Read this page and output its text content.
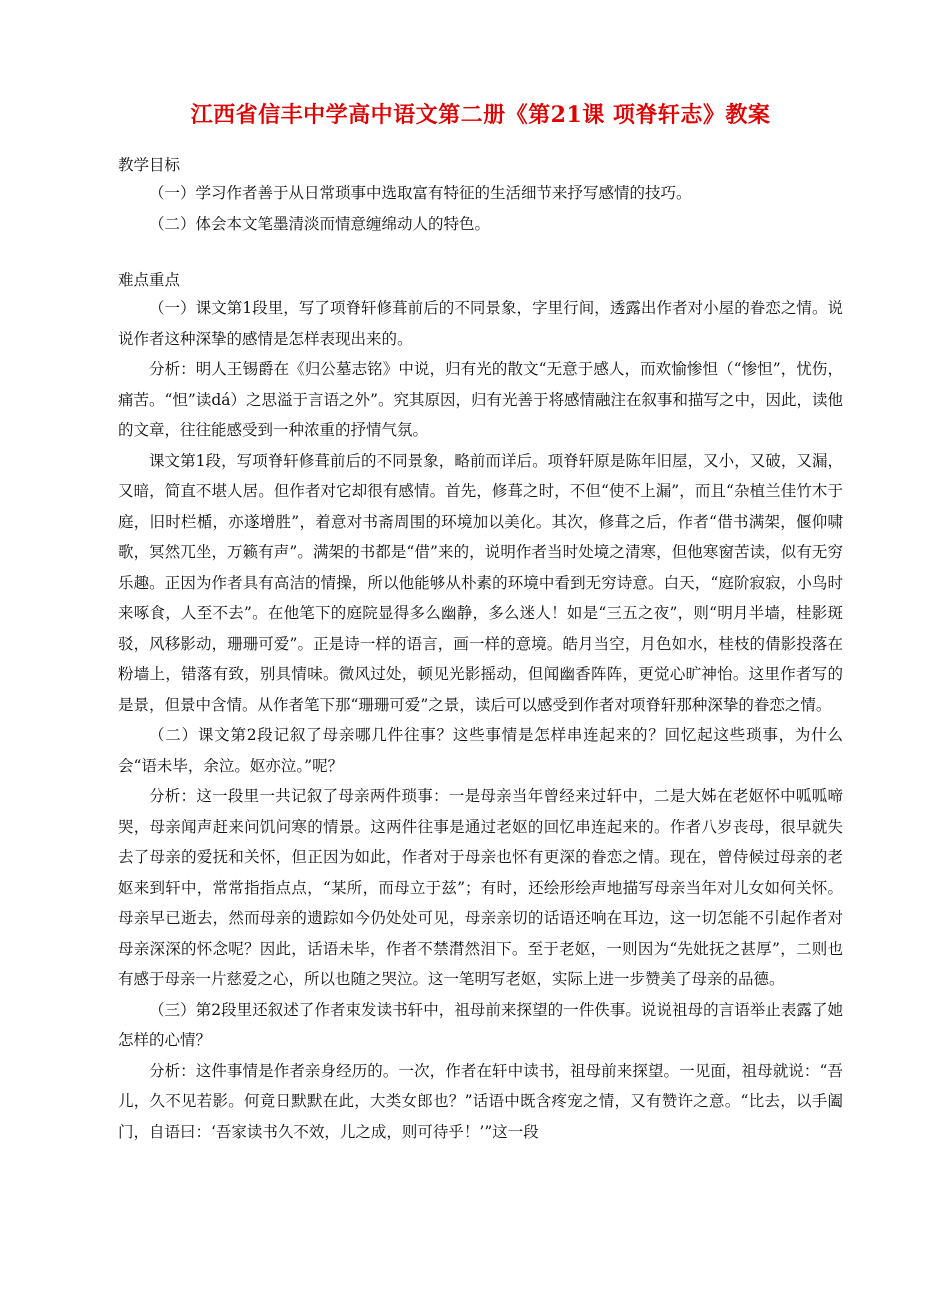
江西省信丰中学高中语文第二册《第21课 项脊轩志》教案

教学目标

（一）学习作者善于从日常琐事中选取富有特征的生活细节来抒写感情的技巧。

（二）体会本文笔墨清淡而情意缠绵动人的特色。

难点重点

（一）课文第1段里，写了项脊轩修葺前后的不同景象，字里行间，透露出作者对小屋的眷恋之情。说说作者这种深挚的感情是怎样表现出来的。

分析：明人王锡爵在《归公墓志铭》中说，归有光的散文“无意于感人，而欢愉惨怛（“惨怛”，忧伤，痛苦。“怛”读dá）之思溢于言语之外”。究其原因，归有光善于将感情融注在叙事和描写之中，因此，读他的文章，往往能感受到一种浓重的抒情气氛。

课文第1段，写项脊轩修葺前后的不同景象，略前而详后。项脊轩原是陈年旧屋，又小，又破，又漏，又暗，简直不堪人居。但作者对它却很有感情。首先，修葺之时，不但“使不上漏”，而且“杂植兰佳竹木于庭，旧时栏楯，亦遂增胜”，着意对书斋周围的环境加以美化。其次，修葺之后，作者“借书满架，偃仰啸歌，冥然兀坐，万籁有声”。满架的书都是“借”来的，说明作者当时处境之清寒，但他寒窗苦读，似有无穷乐趣。正因为作者具有高洁的情操，所以他能够从朴素的环境中看到无穷诗意。白天，“庭阶寂寂，小鸟时来啄食，人至不去”。在他笔下的庭院显得多么幽静，多么迷人！如是“三五之夜”，则“明月半墙，桂影斑驳，风移影动，珊珊可爱”。正是诗一样的语言，画一样的意境。皓月当空，月色如水，桂枝的倩影投落在粉墙上，错落有致，别具情味。微风过处，顿见光影摇动，但闻幽香阵阵，更觉心旷神怡。这里作者写的是景，但景中含情。从作者笔下那“珊珊可爱”之景，读后可以感受到作者对项脊轩那种深挚的眷恋之情。

（二）课文第2段记叙了母亲哪几件往事？这些事情是怎样串连起来的？回忆起这些琐事，为什么会“语未毕，余泣。妪亦泣。”呢？

分析：这一段里一共记叙了母亲两件琐事：一是母亲当年曾经来过轩中，二是大姊在老妪怀中呱呱啼哭，母亲闻声赶来问饥问寒的情景。这两件往事是通过老妪的回忆串连起来的。作者八岁丧母，很早就失去了母亲的爱抚和关怀，但正因为如此，作者对于母亲也怀有更深的眷恋之情。现在，曾侍候过母亲的老妪来到轩中，常常指指点点，“某所，而母立于兹”；有时，还绘形绘声地描写母亲当年对儿女如何关怀。母亲早已逝去，然而母亲的遗踪如今仍处处可见，母亲亲切的话语还响在耳边，这一切怎能不引起作者对母亲深深的怀念呢？因此，话语未毕，作者不禁潸然泪下。至于老妪，一则因为“先妣抚之甚厚”，二则也有感于母亲一片慈爱之心，所以也随之哭泣。这一笔明写老妪，实际上进一步赞美了母亲的品德。

（三）第2段里还叙述了作者束发读书轩中，祖母前来探望的一件佚事。说说祖母的言语举止表露了她怎样的心情？

分析：这件事情是作者亲身经历的。一次，作者在轩中读书，祖母前来探望。一见面，祖母就说：“吾儿，久不见若影。何竟日默默在此，大类女郎也？”话语中既含疼宠之情，又有赞许之意。“比去，以手阖门，自语曰：‘吾家读书久不效，儿之成，则可待乎！’”这一段
